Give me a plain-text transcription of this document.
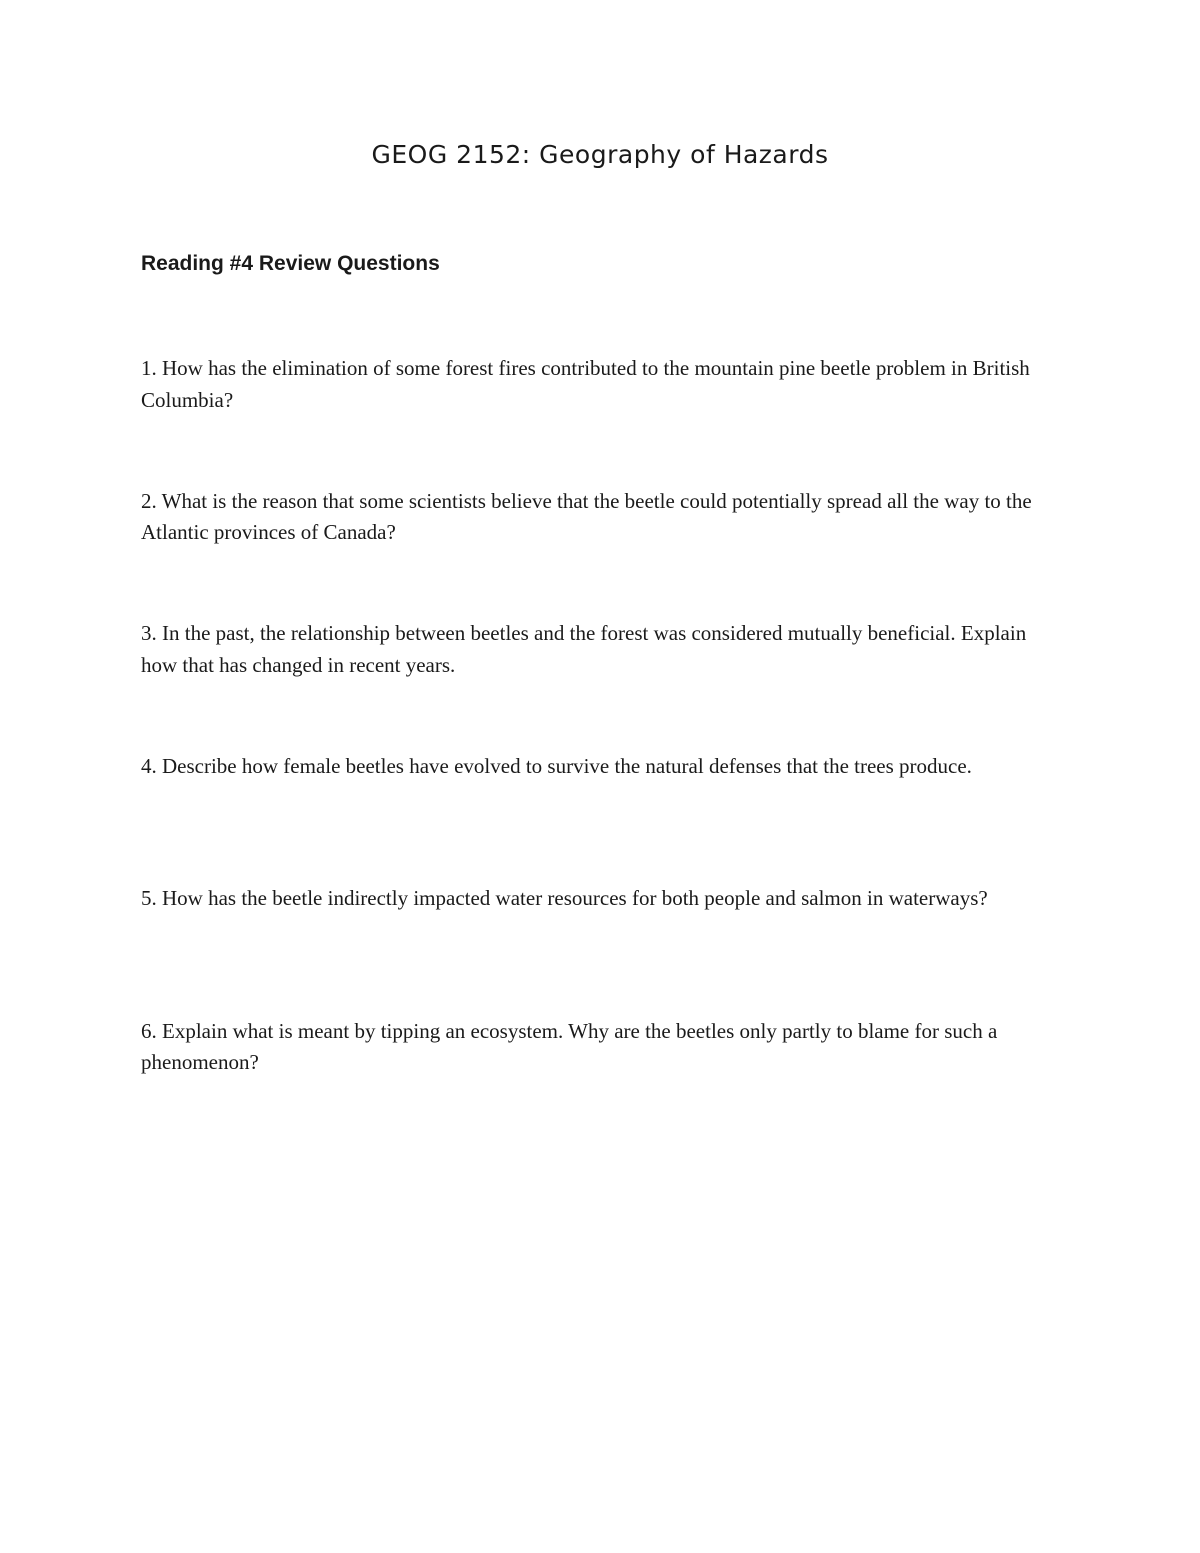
GEOG 2152: Geography of Hazards
Reading #4 Review Questions
1. How has the elimination of some forest fires contributed to the mountain pine beetle problem in British Columbia?
2. What is the reason that some scientists believe that the beetle could potentially spread all the way to the Atlantic provinces of Canada?
3. In the past, the relationship between beetles and the forest was considered mutually beneficial. Explain how that has changed in recent years.
4. Describe how female beetles have evolved to survive the natural defenses that the trees produce.
5. How has the beetle indirectly impacted water resources for both people and salmon in waterways?
6. Explain what is meant by tipping an ecosystem. Why are the beetles only partly to blame for such a phenomenon?
